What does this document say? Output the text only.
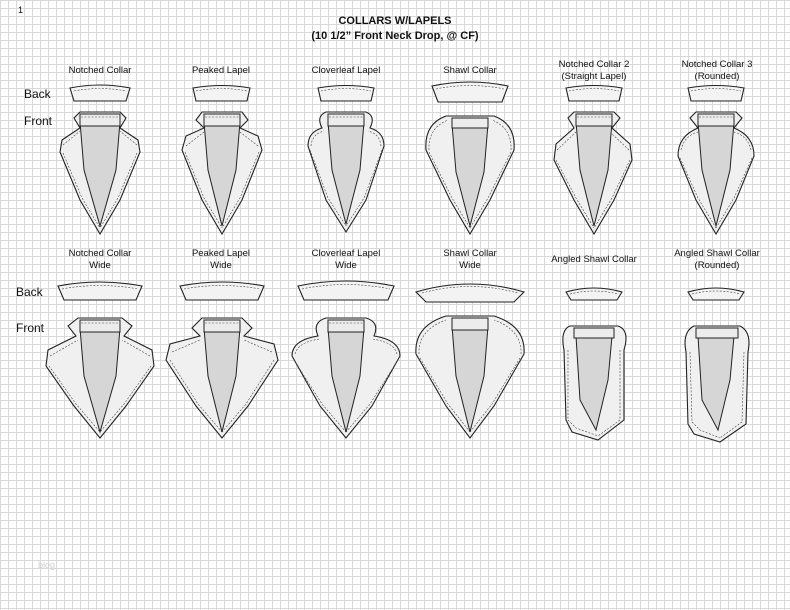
1
COLLARS W/LAPELS
(10 1/2” Front Neck Drop, @ CF)
Back
Front
Back
Front
Notched Collar	Peaked Lapel	Cloverleaf Lapel	Shawl Collar
Notched Collar 2
(Straight Lapel)
Notched Collar 3
(Rounded)
Notched Collar
Wide
Peaked Lapel
Wide
Cloverleaf Lapel
Wide
Shawl Collar
Wide
Angled Shawl Collar
Angled Shawl Collar
(Rounded)
blog
